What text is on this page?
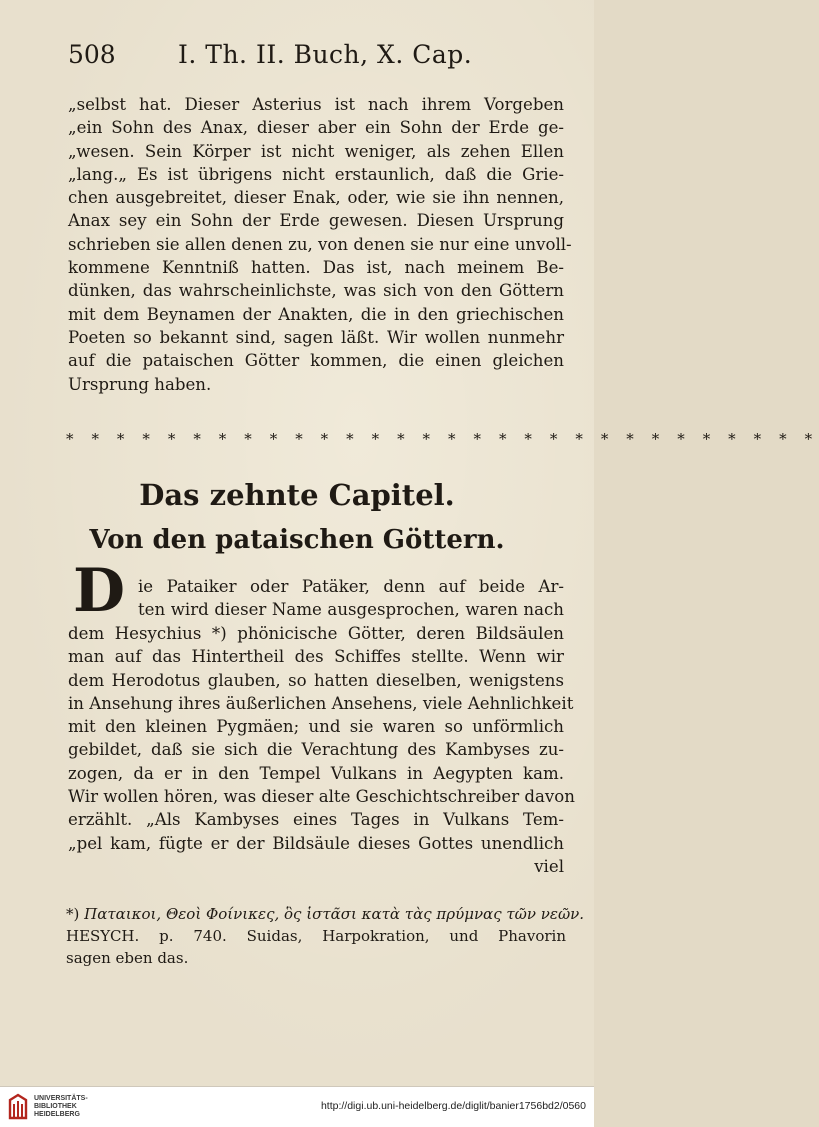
508 I. Th. II. Buch, X. Cap.
„selbst hat. Dieser Asterius ist nach ihrem Vorgeben
„ein Sohn des Anax, dieser aber ein Sohn der Erde ge-
„wesen. Sein Körper ist nicht weniger, als zehen Ellen
„lang.„ Es ist übrigens nicht erstaunlich, daß die Grie-
chen ausgebreitet, dieser Enak, oder, wie sie ihn nennen,
Anax sey ein Sohn der Erde gewesen. Diesen Ursprung
schrieben sie allen denen zu, von denen sie nur eine unvoll-
kommene Kenntniß hatten. Das ist, nach meinem Be-
dünken, das wahrscheinlichste, was sich von den Göttern
mit dem Beynamen der Anakten, die in den griechischen
Poeten so bekannt sind, sagen läßt. Wir wollen nunmehr
auf die pataischen Götter kommen, die einen gleichen
Ursprung haben.
* * * * * * * * * * * * * * * * * * * * * * * * * * * * * *
Das zehnte Capitel.
Von den pataischen Göttern.
D ie Pataiker oder Patäker, denn auf beide Ar-
ten wird dieser Name ausgesprochen, waren nach
dem Hesychius *) phönicische Götter, deren Bildsäulen
man auf das Hintertheil des Schiffes stellte. Wenn wir
dem Herodotus glauben, so hatten dieselben, wenigstens
in Ansehung ihres äußerlichen Ansehens, viele Aehnlichkeit
mit den kleinen Pygmäen; und sie waren so unförmlich
gebildet, daß sie sich die Verachtung des Kambyses zu-
zogen, da er in den Tempel Vulkans in Aegypten kam.
Wir wollen hören, was dieser alte Geschichtschreiber davon
erzählt. „Als Kambyses eines Tages in Vulkans Tem-
„pel kam, fügte er der Bildsäule dieses Gottes unendlich
viel
*) Παταικοι, Θεοὶ Φοίνικες, ὃς ἱστᾶσι κατὰ τὰς πρύμνας τῶν νεῶν.
HESYCH. p. 740. Suidas, Harpokration, und Phavorin
sagen eben das.
UNIVERSITÄTS-
BIBLIOTHEK
HEIDELBERG
http://digi.ub.uni-heidelberg.de/diglit/banier1756bd2/0560
